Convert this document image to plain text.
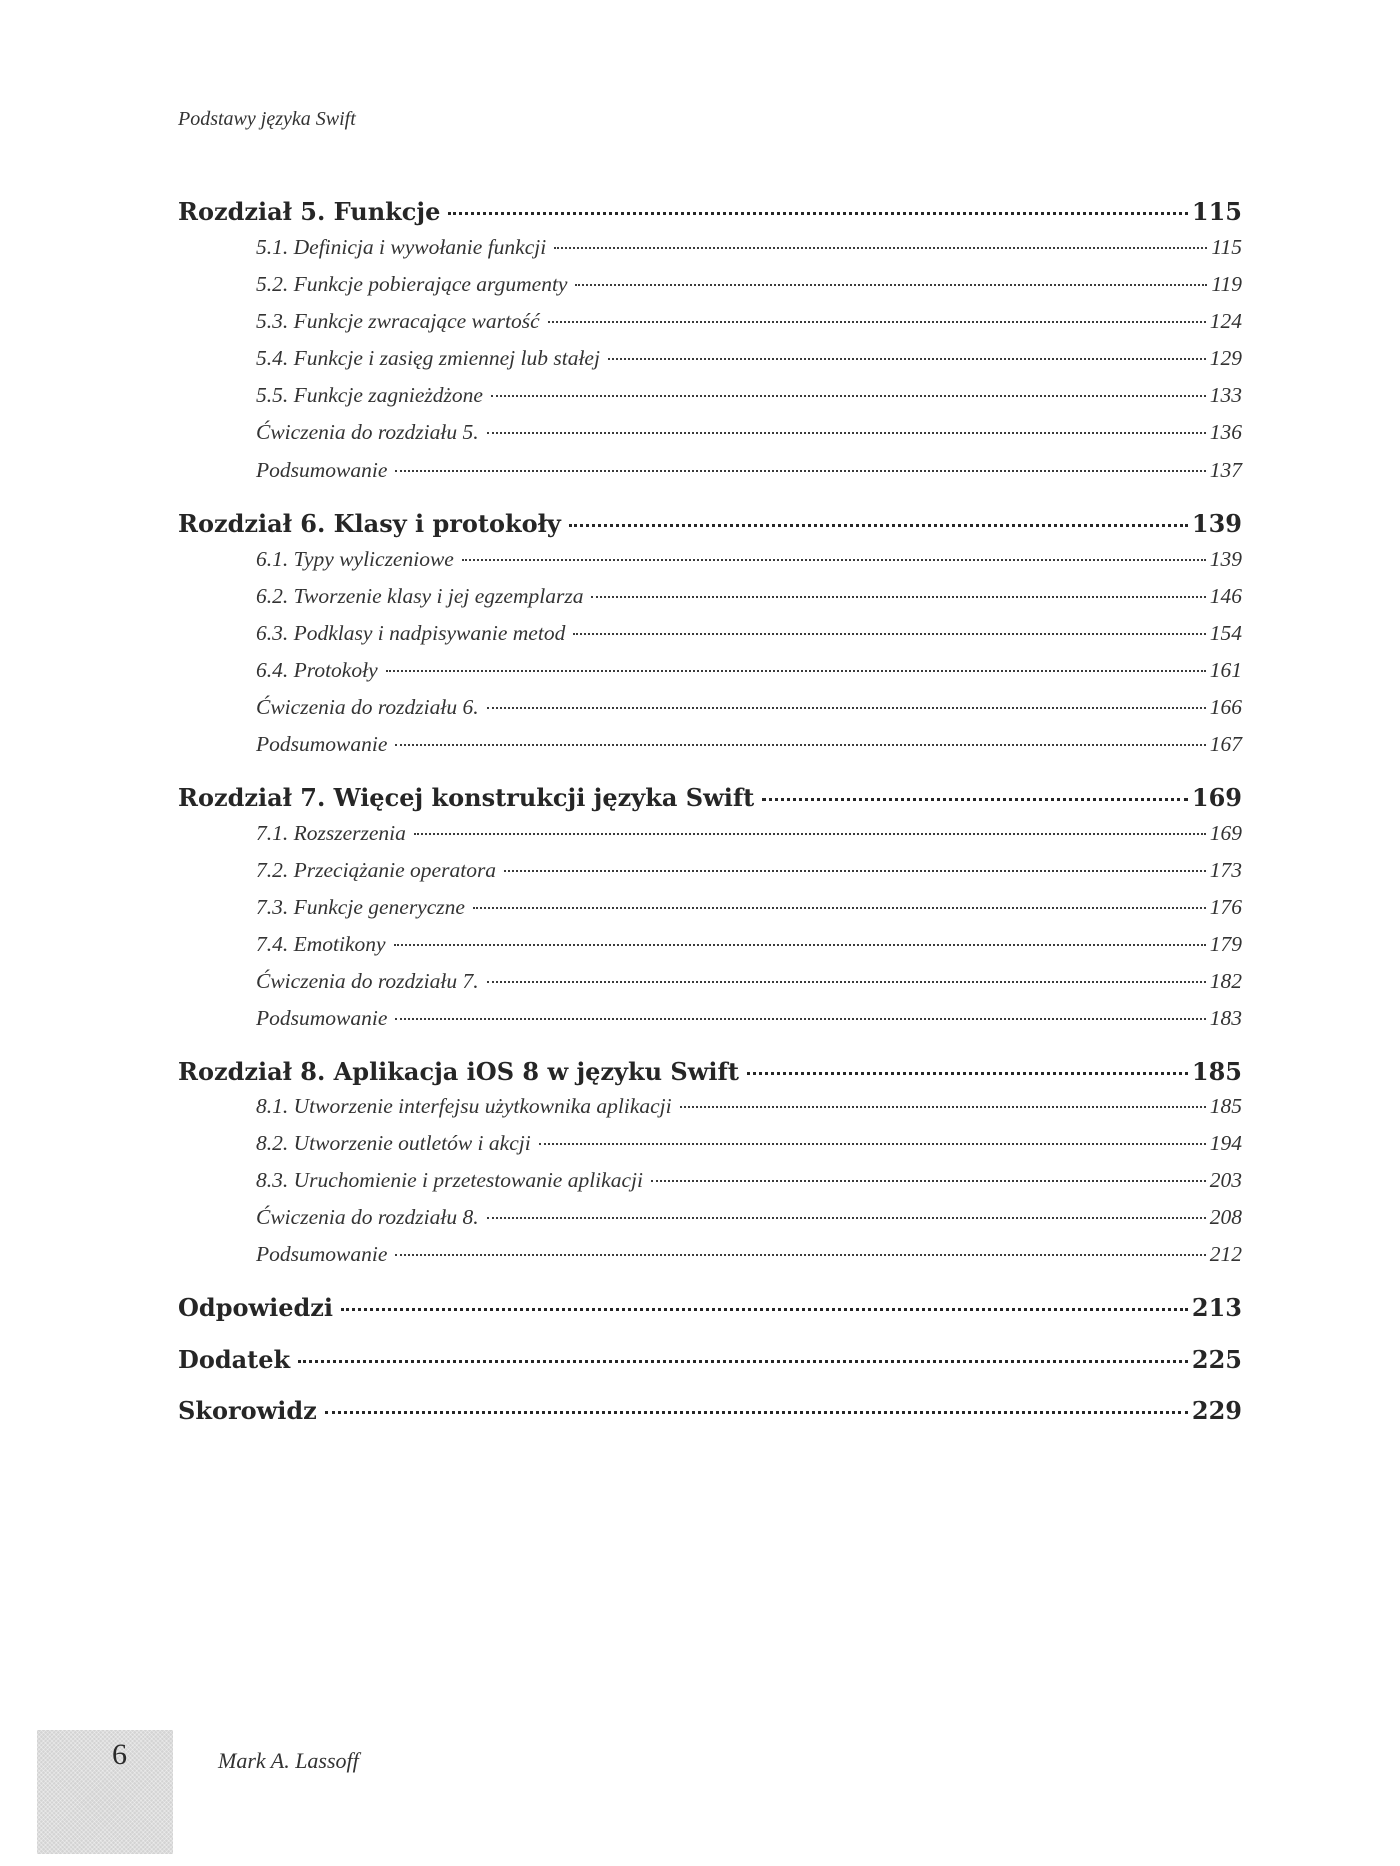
Podstawy języka Swift
Rozdział 5. Funkcje	115
5.1. Definicja i wywołanie funkcji	115
5.2. Funkcje pobierające argumenty	119
5.3. Funkcje zwracające wartość	124
5.4. Funkcje i zasięg zmiennej lub stałej	129
5.5. Funkcje zagnieżdżone	133
Ćwiczenia do rozdziału 5.	136
Podsumowanie	137
Rozdział 6. Klasy i protokoły	139
6.1. Typy wyliczeniowe	139
6.2. Tworzenie klasy i jej egzemplarza	146
6.3. Podklasy i nadpisywanie metod	154
6.4. Protokoły	161
Ćwiczenia do rozdziału 6.	166
Podsumowanie	167
Rozdział 7. Więcej konstrukcji języka Swift	169
7.1. Rozszerzenia	169
7.2. Przeciążanie operatora	173
7.3. Funkcje generyczne	176
7.4. Emotikony	179
Ćwiczenia do rozdziału 7.	182
Podsumowanie	183
Rozdział 8. Aplikacja iOS 8 w języku Swift	185
8.1. Utworzenie interfejsu użytkownika aplikacji	185
8.2. Utworzenie outletów i akcji	194
8.3. Uruchomienie i przetestowanie aplikacji	203
Ćwiczenia do rozdziału 8.	208
Podsumowanie	212
Odpowiedzi	213
Dodatek	225
Skorowidz	229
6	Mark A. Lassoff
